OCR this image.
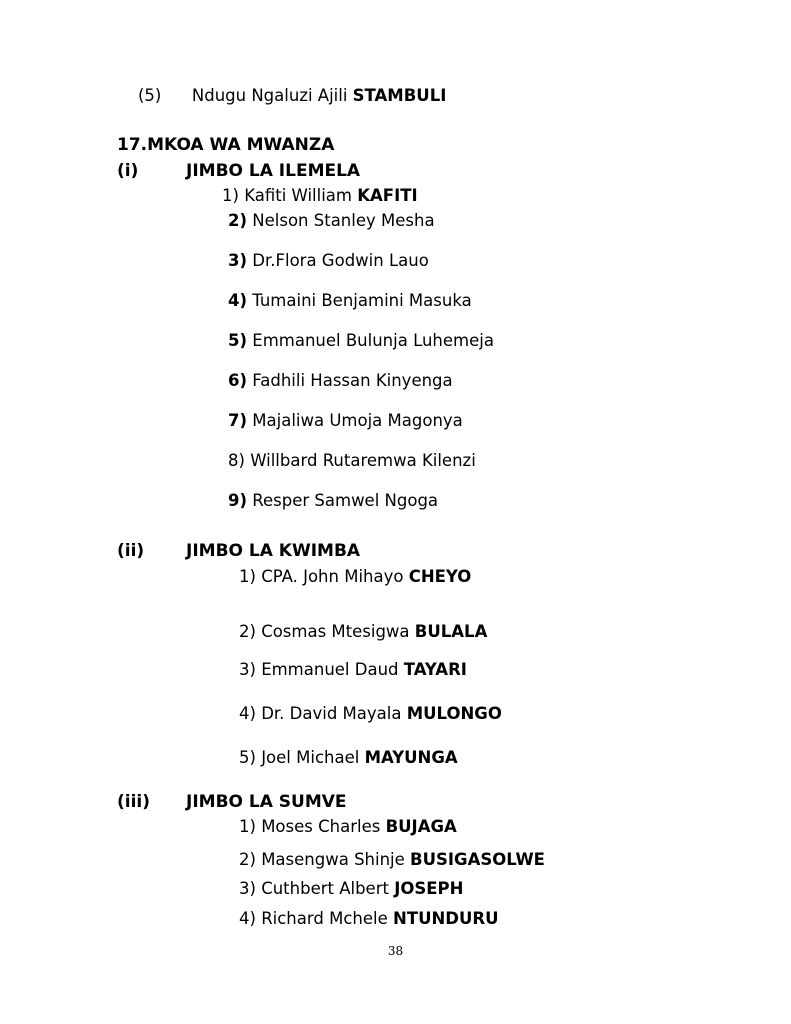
(5) Ndugu Ngaluzi Ajili STAMBULI
17.MKOA WA MWANZA
(i)	JIMBO LA ILEMELA
1) Kafiti William KAFITI
2) Nelson Stanley Mesha
3) Dr.Flora Godwin Lauo
4) Tumaini Benjamini Masuka
5) Emmanuel Bulunja Luhemeja
6) Fadhili Hassan Kinyenga
7) Majaliwa Umoja Magonya
8) Willbard Rutaremwa Kilenzi
9) Resper Samwel Ngoga
(ii) JIMBO LA KWIMBA
1) CPA. John Mihayo CHEYO
2) Cosmas Mtesigwa BULALA
3) Emmanuel Daud TAYARI
4) Dr. David Mayala MULONGO
5) Joel Michael MAYUNGA
(iii) JIMBO LA SUMVE
1) Moses Charles BUJAGA
2) Masengwa Shinje BUSIGASOLWE
3) Cuthbert Albert JOSEPH
4) Richard Mchele NTUNDURU
38
